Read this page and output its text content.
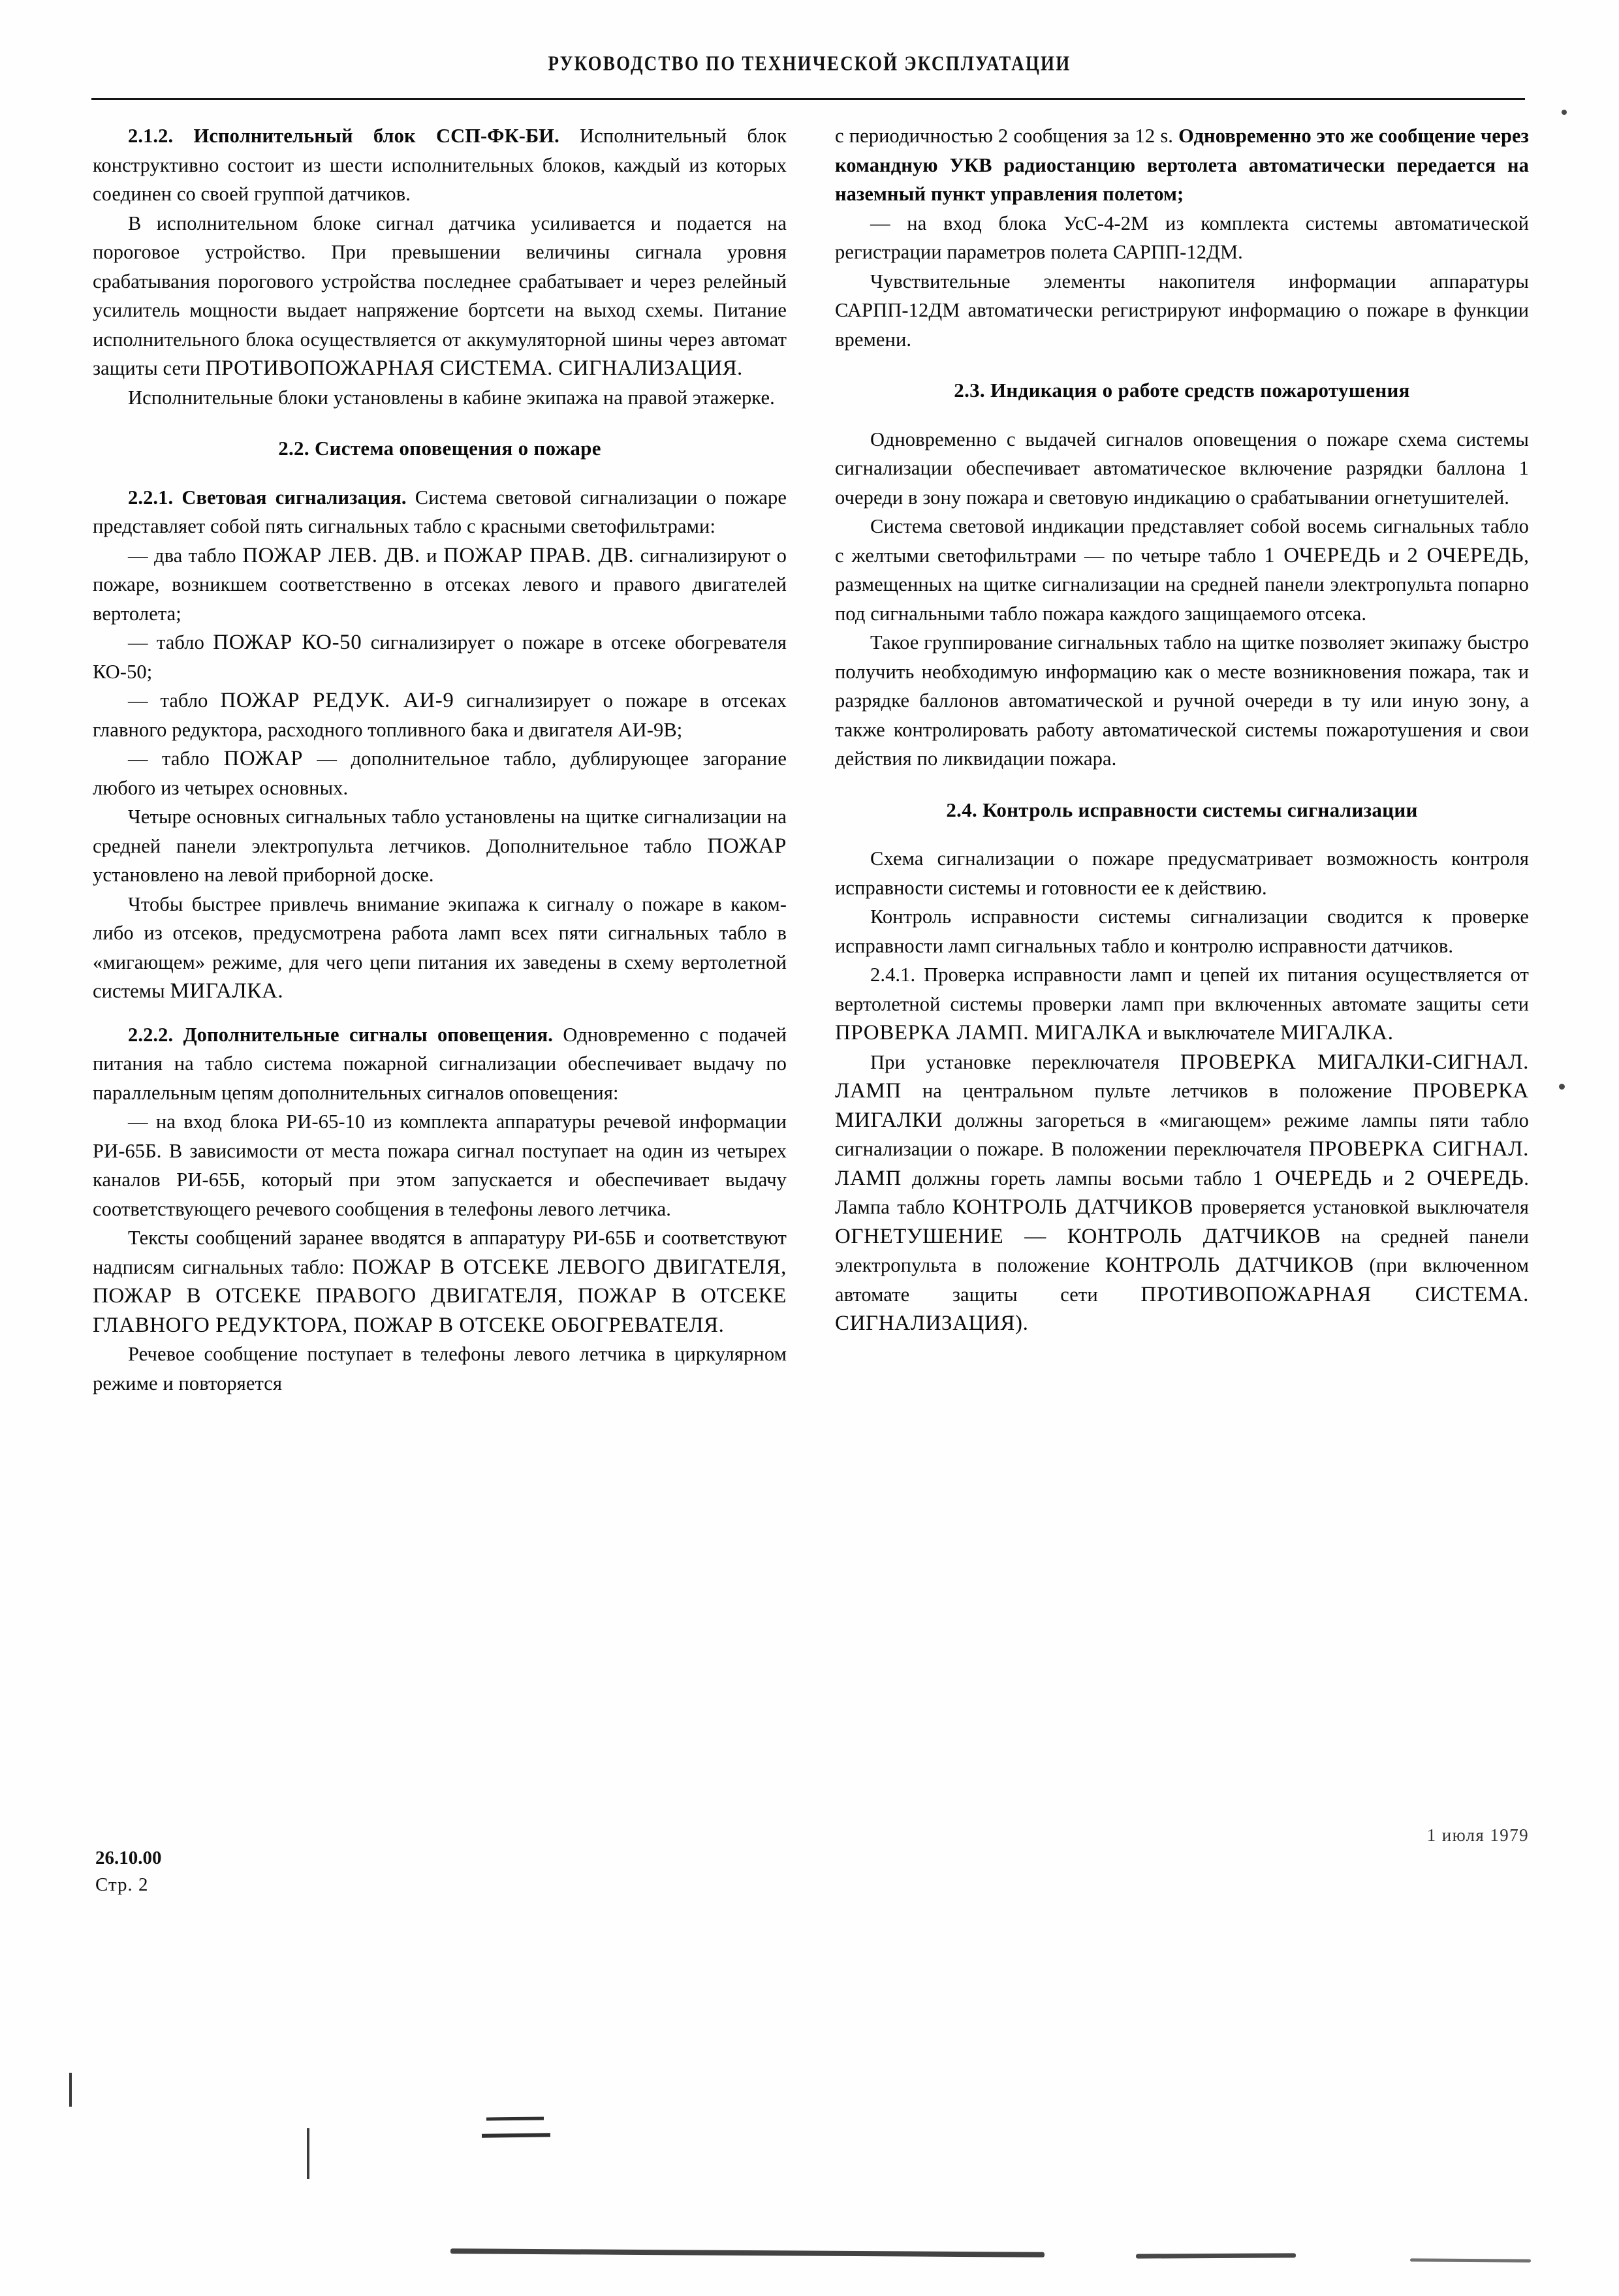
РУКОВОДСТВО ПО ТЕХНИЧЕСКОЙ ЭКСПЛУАТАЦИИ

2.1.2. Исполнительный блок ССП-ФК-БИ. Исполнительный блок конструктивно состоит из шести исполнительных блоков, каждый из которых соединен со своей группой датчиков.

В исполнительном блоке сигнал датчика усиливается и подается на пороговое устройство. При превышении величины сигнала уровня срабатывания порогового устройства последнее срабатывает и через релейный усилитель мощности выдает напряжение бортсети на выход схемы. Питание исполнительного блока осуществляется от аккумуляторной шины через автомат защиты сети ПРОТИВОПОЖАРНАЯ СИСТЕМА. СИГНАЛИЗАЦИЯ.

Исполнительные блоки установлены в кабине экипажа на правой этажерке.

2.2. Система оповещения о пожаре

2.2.1. Световая сигнализация. Система световой сигнализации о пожаре представляет собой пять сигнальных табло с красными светофильтрами:

— два табло ПОЖАР ЛЕВ. ДВ. и ПОЖАР ПРАВ. ДВ. сигнализируют о пожаре, возникшем соответственно в отсеках левого и правого двигателей вертолета;

— табло ПОЖАР КО-50 сигнализирует о пожаре в отсеке обогревателя КО-50;

— табло ПОЖАР РЕДУК. АИ-9 сигнализирует о пожаре в отсеках главного редуктора, расходного топливного бака и двигателя АИ-9В;

— табло ПОЖАР — дополнительное табло, дублирующее загорание любого из четырех основных.

Четыре основных сигнальных табло установлены на щитке сигнализации на средней панели электропульта летчиков. Дополнительное табло ПОЖАР установлено на левой приборной доске.

Чтобы быстрее привлечь внимание экипажа к сигналу о пожаре в каком-либо из отсеков, предусмотрена работа ламп всех пяти сигнальных табло в «мигающем» режиме, для чего цепи питания их заведены в схему вертолетной системы МИГАЛКА.

2.2.2. Дополнительные сигналы оповещения. Одновременно с подачей питания на табло система пожарной сигнализации обеспечивает выдачу по параллельным цепям дополнительных сигналов оповещения:

— на вход блока РИ-65-10 из комплекта аппаратуры речевой информации РИ-65Б. В зависимости от места пожара сигнал поступает на один из четырех каналов РИ-65Б, который при этом запускается и обеспечивает выдачу соответствующего речевого сообщения в телефоны левого летчика.

Тексты сообщений заранее вводятся в аппаратуру РИ-65Б и соответствуют надписям сигнальных табло: ПОЖАР В ОТСЕКЕ ЛЕВОГО ДВИГАТЕЛЯ, ПОЖАР В ОТСЕКЕ ПРАВОГО ДВИГАТЕЛЯ, ПОЖАР В ОТСЕКЕ ГЛАВНОГО РЕДУКТОРА, ПОЖАР В ОТСЕКЕ ОБОГРЕВАТЕЛЯ.

Речевое сообщение поступает в телефоны левого летчика в циркулярном режиме и повторяется

с периодичностью 2 сообщения за 12 s. Одновременно это же сообщение через командную УКВ радиостанцию вертолета автоматически передается на наземный пункт управления полетом;

— на вход блока УсС-4-2М из комплекта системы автоматической регистрации параметров полета САРПП-12ДМ.

Чувствительные элементы накопителя информации аппаратуры САРПП-12ДМ автоматически регистрируют информацию о пожаре в функции времени.

2.3. Индикация о работе средств пожаротушения

Одновременно с выдачей сигналов оповещения о пожаре схема системы сигнализации обеспечивает автоматическое включение разрядки баллона 1 очереди в зону пожара и световую индикацию о срабатывании огнетушителей.

Система световой индикации представляет собой восемь сигнальных табло с желтыми светофильтрами — по четыре табло 1 ОЧЕРЕДЬ и 2 ОЧЕРЕДЬ, размещенных на щитке сигнализации на средней панели электропульта попарно под сигнальными табло пожара каждого защищаемого отсека.

Такое группирование сигнальных табло на щитке позволяет экипажу быстро получить необходимую информацию как о месте возникновения пожара, так и разрядке баллонов автоматической и ручной очереди в ту или иную зону, а также контролировать работу автоматической системы пожаротушения и свои действия по ликвидации пожара.

2.4. Контроль исправности системы сигнализации

Схема сигнализации о пожаре предусматривает возможность контроля исправности системы и готовности ее к действию.

Контроль исправности системы сигнализации сводится к проверке исправности ламп сигнальных табло и контролю исправности датчиков.

2.4.1. Проверка исправности ламп и цепей их питания осуществляется от вертолетной системы проверки ламп при включенных автомате защиты сети ПРОВЕРКА ЛАМП. МИГАЛКА и выключателе МИГАЛКА.

При установке переключателя ПРОВЕРКА МИГАЛКИ-СИГНАЛ. ЛАМП на центральном пульте летчиков в положение ПРОВЕРКА МИГАЛКИ должны загореться в «мигающем» режиме лампы пяти табло сигнализации о пожаре. В положении переключателя ПРОВЕРКА СИГНАЛ. ЛАМП должны гореть лампы восьми табло 1 ОЧЕРЕДЬ и 2 ОЧЕРЕДЬ. Лампа табло КОНТРОЛЬ ДАТЧИКОВ проверяется установкой выключателя ОГНЕТУШЕНИЕ — КОНТРОЛЬ ДАТЧИКОВ на средней панели электропульта в положение КОНТРОЛЬ ДАТЧИКОВ (при включенном автомате защиты сети ПРОТИВОПОЖАРНАЯ СИСТЕМА. СИГНАЛИЗАЦИЯ).

26.10.00
Стр. 2
1 июля 1979
